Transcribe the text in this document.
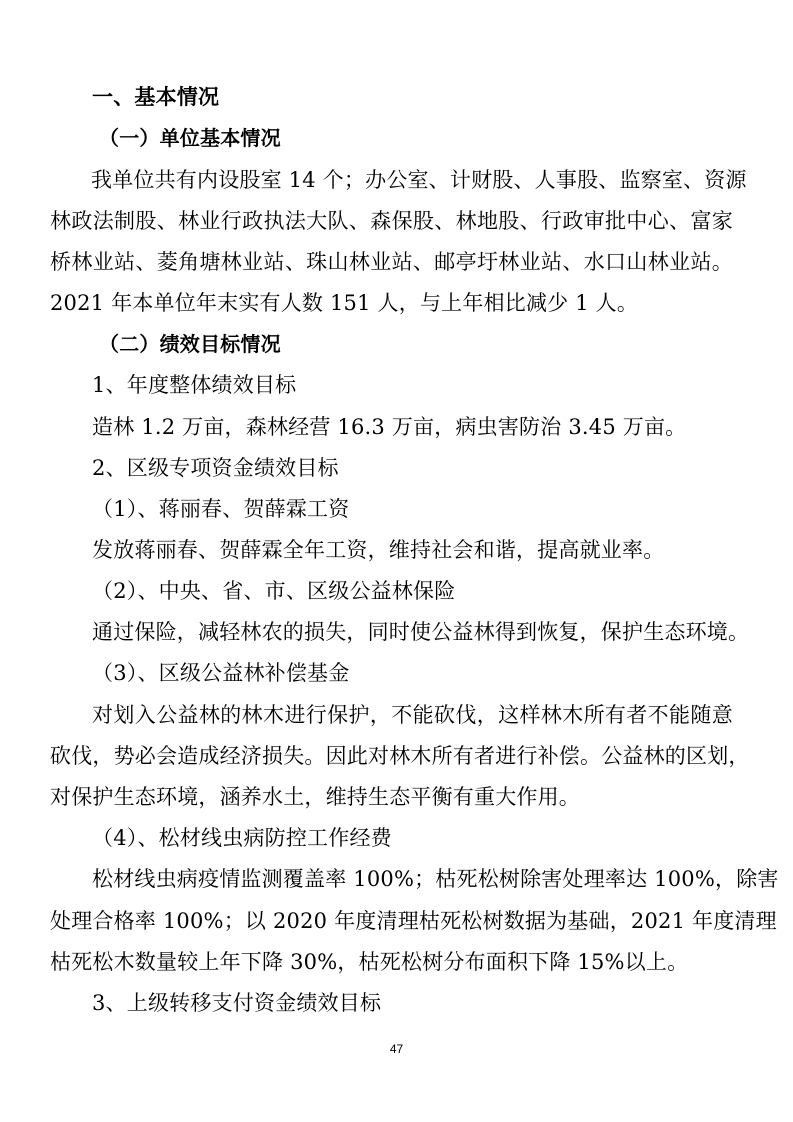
一、基本情况
（一）单位基本情况
我单位共有内设股室 14 个；办公室、计财股、人事股、监察室、资源
林政法制股、林业行政执法大队、森保股、林地股、行政审批中心、富家
桥林业站、菱角塘林业站、珠山林业站、邮亭圩林业站、水口山林业站。
2021 年本单位年末实有人数 151 人，与上年相比减少 1 人。
（二）绩效目标情况
1、年度整体绩效目标
造林 1.2 万亩，森林经营 16.3 万亩，病虫害防治 3.45 万亩。
2、区级专项资金绩效目标
（1）、蒋丽春、贺薛霖工资
发放蒋丽春、贺薛霖全年工资，维持社会和谐，提高就业率。
（2）、中央、省、市、区级公益林保险
通过保险，减轻林农的损失，同时使公益林得到恢复，保护生态环境。
（3）、区级公益林补偿基金
对划入公益林的林木进行保护，不能砍伐，这样林木所有者不能随意
砍伐，势必会造成经济损失。因此对林木所有者进行补偿。公益林的区划，
对保护生态环境，涵养水土，维持生态平衡有重大作用。
（4）、松材线虫病防控工作经费
松材线虫病疫情监测覆盖率 100%；枯死松树除害处理率达 100%，除害
处理合格率 100%；以 2020 年度清理枯死松树数据为基础，2021 年度清理
枯死松木数量较上年下降 30%，枯死松树分布面积下降 15%以上。
3、上级转移支付资金绩效目标
47
